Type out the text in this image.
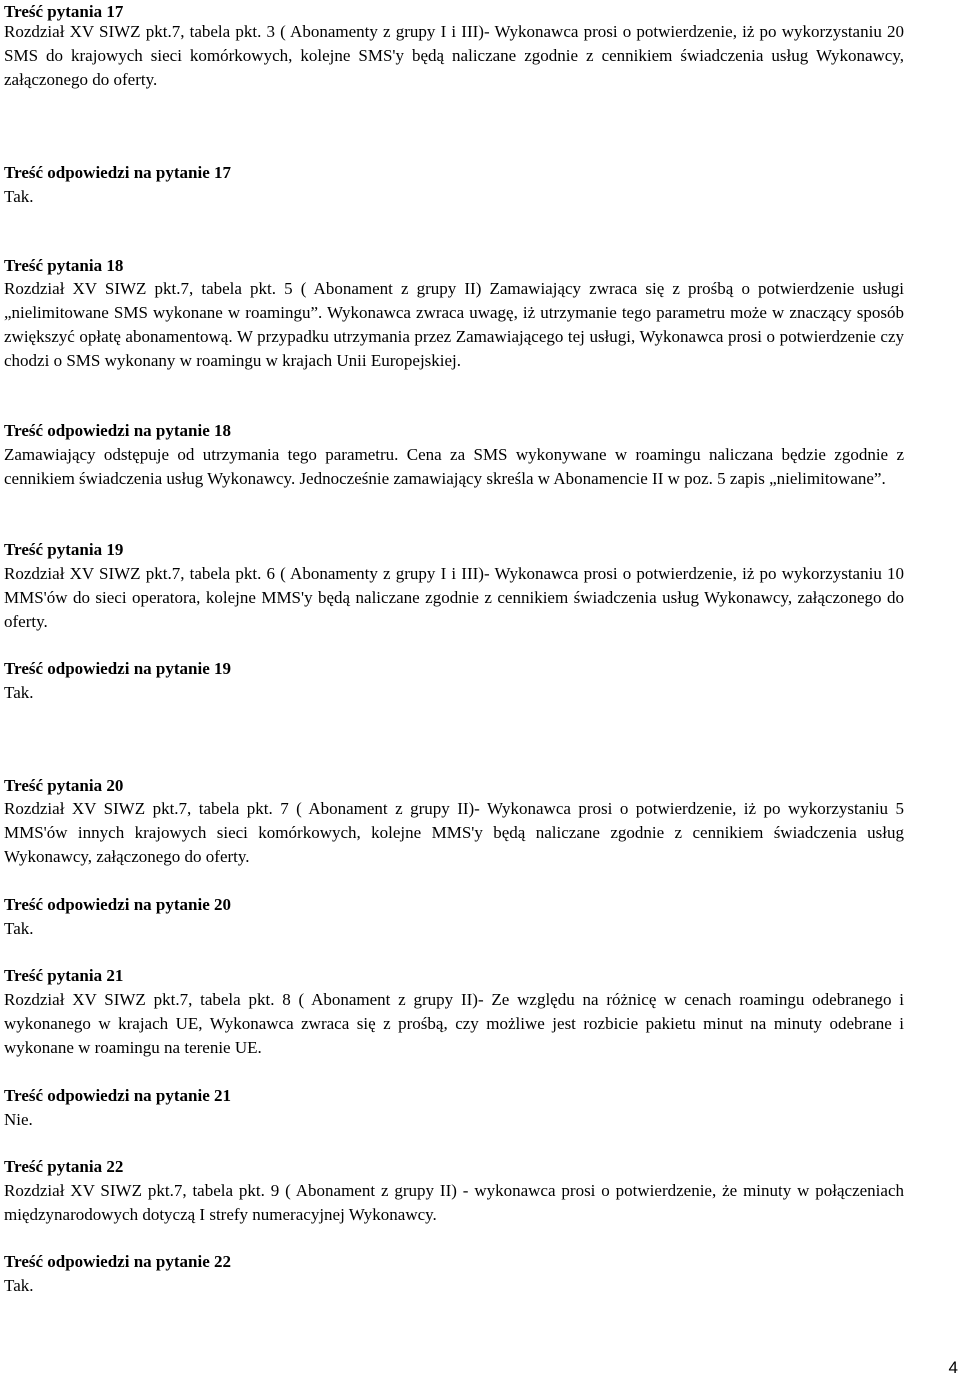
Treść pytania 17

Rozdział XV SIWZ pkt.7, tabela pkt. 3 ( Abonamenty z grupy I i III)- Wykonawca prosi o potwierdzenie, iż po wykorzystaniu 20 SMS do krajowych sieci komórkowych, kolejne SMS'y będą naliczane zgodnie z cennikiem świadczenia usług Wykonawcy, załączonego do oferty.

Treść odpowiedzi na pytanie 17

Tak.

Treść pytania 18

Rozdział XV SIWZ pkt.7, tabela pkt. 5 ( Abonament z grupy II) Zamawiający zwraca się z prośbą o potwierdzenie usługi „nielimitowane SMS wykonane w roamingu”. Wykonawca zwraca uwagę, iż utrzymanie tego parametru może w znaczący sposób zwiększyć opłatę abonamentową. W przypadku utrzymania przez Zamawiającego tej usługi, Wykonawca prosi o potwierdzenie czy chodzi o SMS wykonany w roamingu w krajach Unii Europejskiej.

Treść odpowiedzi na pytanie 18

Zamawiający odstępuje od utrzymania tego parametru. Cena za SMS wykonywane w roamingu naliczana będzie zgodnie z cennikiem świadczenia usług Wykonawcy. Jednocześnie zamawiający skreśla w Abonamencie II w poz. 5 zapis „nielimitowane”.

Treść pytania 19

Rozdział XV SIWZ pkt.7, tabela pkt. 6 ( Abonamenty z grupy I i III)- Wykonawca prosi o potwierdzenie, iż po wykorzystaniu 10 MMS'ów do sieci operatora, kolejne MMS'y będą naliczane zgodnie z cennikiem świadczenia usług Wykonawcy, załączonego do oferty.

Treść odpowiedzi na pytanie 19

Tak.

Treść pytania 20

Rozdział XV SIWZ pkt.7, tabela pkt. 7 ( Abonament z grupy II)- Wykonawca prosi o potwierdzenie, iż po wykorzystaniu 5 MMS'ów innych krajowych sieci komórkowych, kolejne MMS'y będą naliczane zgodnie z cennikiem świadczenia usług Wykonawcy, załączonego do oferty.

Treść odpowiedzi na pytanie 20

Tak.

Treść pytania 21

Rozdział XV SIWZ pkt.7, tabela pkt. 8 ( Abonament z grupy II)- Ze względu na różnicę w cenach roamingu odebranego i wykonanego w krajach UE, Wykonawca zwraca się z prośbą, czy możliwe jest rozbicie pakietu minut na minuty odebrane i wykonane w roamingu na terenie UE.

Treść odpowiedzi na pytanie 21

Nie.

Treść pytania 22

Rozdział XV SIWZ pkt.7, tabela pkt. 9 ( Abonament z grupy II) - wykonawca prosi o potwierdzenie, że minuty w połączeniach międzynarodowych dotyczą I strefy numeracyjnej Wykonawcy.

Treść odpowiedzi na pytanie 22

Tak.

4
